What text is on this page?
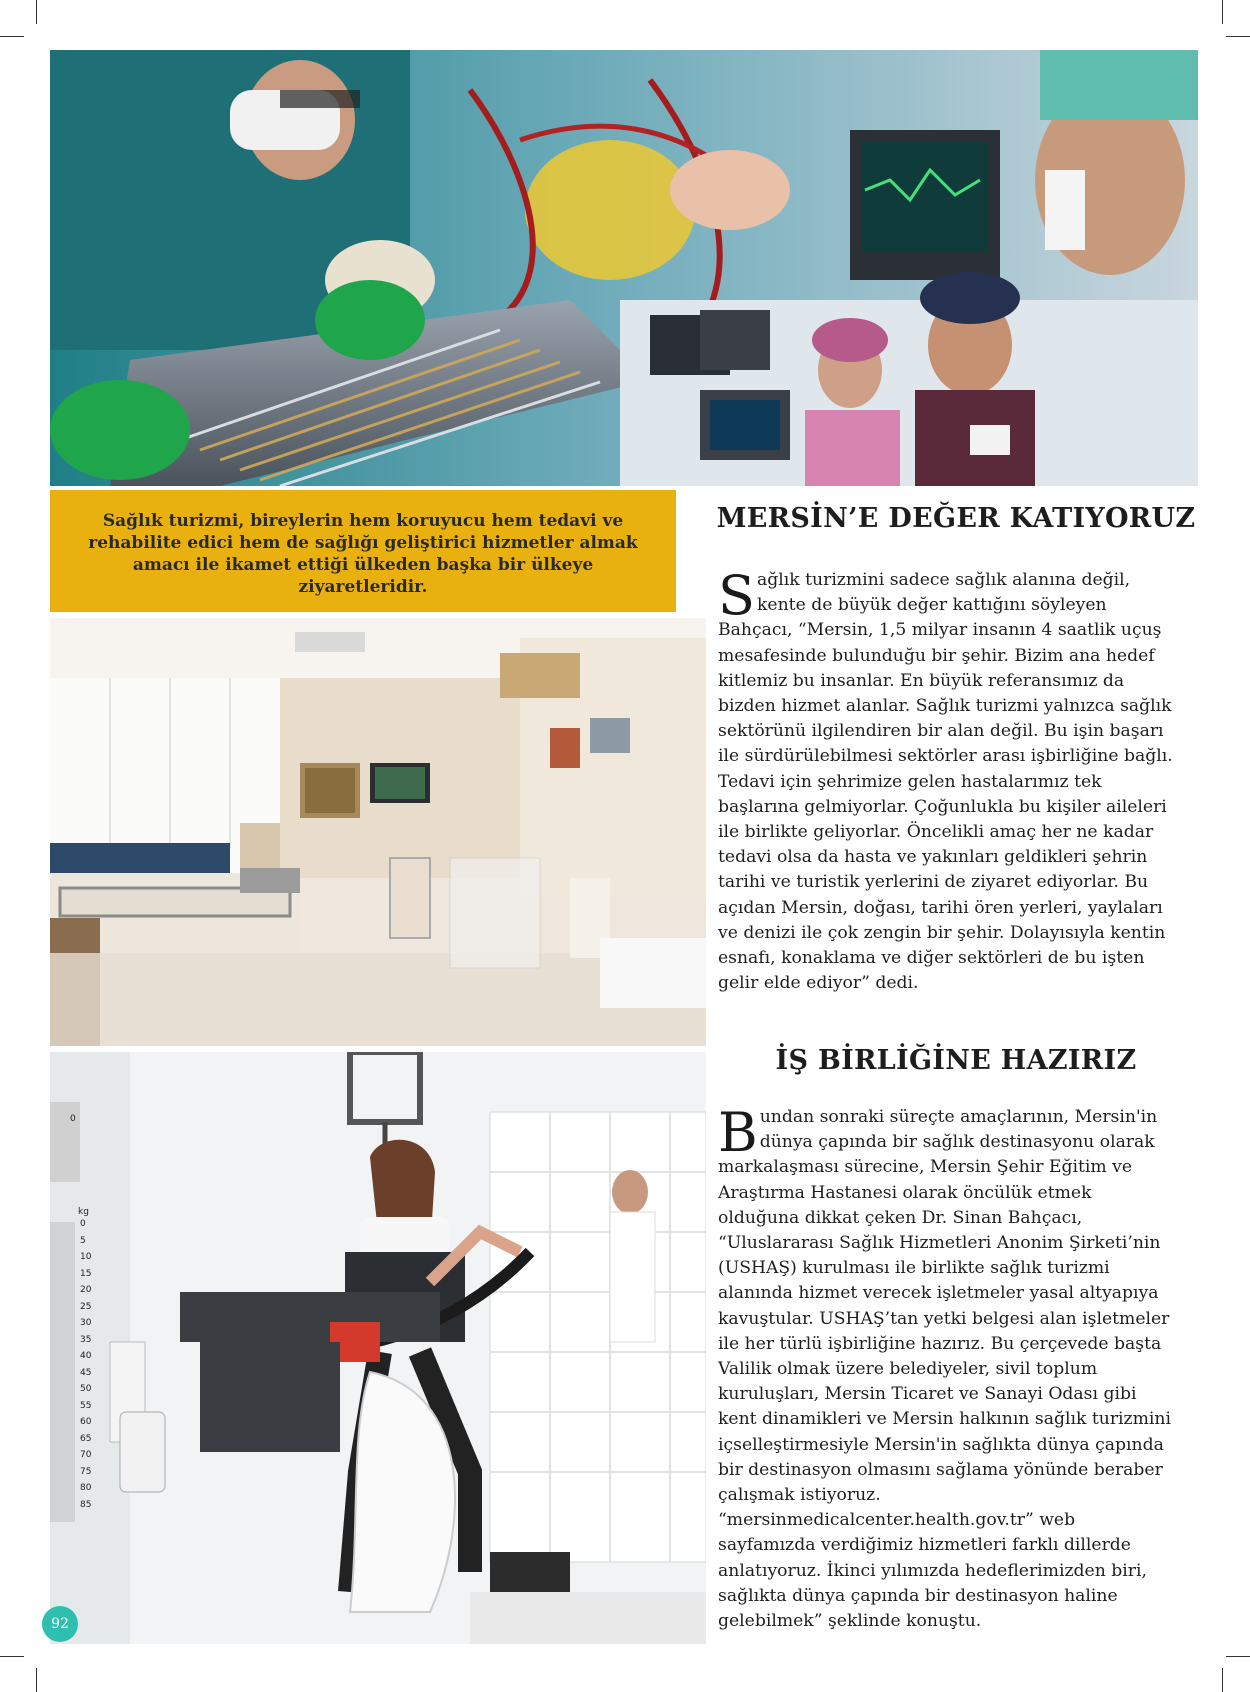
Sağlık turizmi, bireylerin hem koruyucu hem tedavi ve rehabilite edici hem de sağlığı geliştirici hizmetler almak amacı ile ikamet ettiği ülkeden başka bir ülkeye ziyaretleridir.
kg
0
5
10
15
20
25
30
35
40
45
50
55
60
65
70
75
80
85
0
MERSİN’E DEĞER KATIYORUZ

Sağlık turizmini sadece sağlık alanına değil, kente de büyük değer kattığını söyleyen Bahçacı, “Mersin, 1,5 milyar insanın 4 saatlik uçuş mesafesinde bulunduğu bir şehir. Bizim ana hedef kitlemiz bu insanlar. En büyük referansımız da bizden hizmet alanlar. Sağlık turizmi yalnızca sağlık sektörünü ilgilendiren bir alan değil. Bu işin başarı ile sürdürülebilmesi sektörler arası işbirliğine bağlı. Tedavi için şehrimize gelen hastalarımız tek başlarına gelmiyorlar. Çoğunlukla bu kişiler aileleri ile birlikte geliyorlar. Öncelikli amaç her ne kadar tedavi olsa da hasta ve yakınları geldikleri şehrin tarihi ve turistik yerlerini de ziyaret ediyorlar. Bu açıdan Mersin, doğası, tarihi ören yerleri, yaylaları ve denizi ile çok zengin bir şehir. Dolayısıyla kentin esnafı, konaklama ve diğer sektörleri de bu işten gelir elde ediyor” dedi.

İŞ BİRLİĞİNE HAZIRIZ

Bundan sonraki süreçte amaçlarının, Mersin'in dünya çapında bir sağlık destinasyonu olarak markalaşması sürecine, Mersin Şehir Eğitim ve Araştırma Hastanesi olarak öncülük etmek olduğuna dikkat çeken Dr. Sinan Bahçacı, “Uluslararası Sağlık Hizmetleri Anonim Şirketi’nin (USHAŞ) kurulması ile birlikte sağlık turizmi alanında hizmet verecek işletmeler yasal altyapıya kavuştular. USHAŞ’tan yetki belgesi alan işletmeler ile her türlü işbirliğine hazırız. Bu çerçevede başta Valilik olmak üzere belediyeler, sivil toplum kuruluşları, Mersin Ticaret ve Sanayi Odası gibi kent dinamikleri ve Mersin halkının sağlık turizmini içselleştirmesiyle Mersin'in sağlıkta dünya çapında bir destinasyon olmasını sağlama yönünde beraber çalışmak istiyoruz. “mersinmedicalcenter.health.gov.tr” web sayfamızda verdiğimiz hizmetleri farklı dillerde anlatıyoruz. İkinci yılımızda hedeflerimizden biri, sağlıkta dünya çapında bir destinasyon haline gelebilmek” şeklinde konuştu.

92
